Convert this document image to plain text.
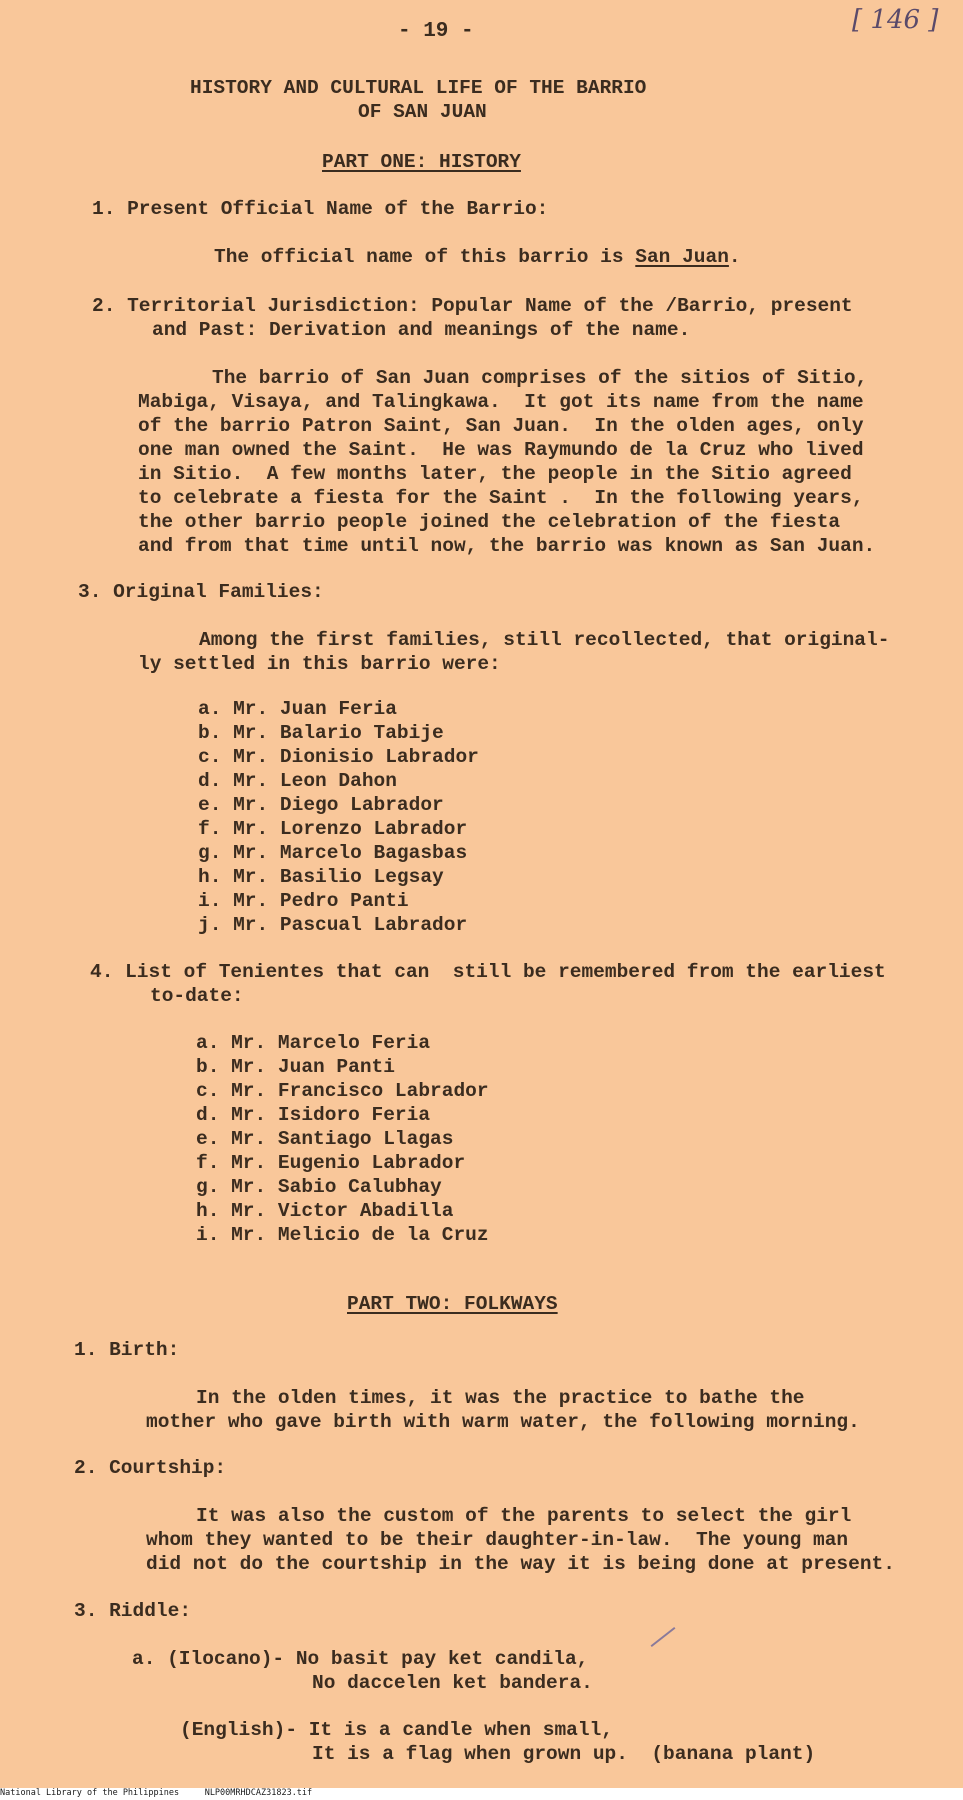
- 19 -	[ 146 ]
HISTORY AND CULTURAL LIFE OF THE BARRIO
OF SAN JUAN
PART ONE: HISTORY
1. Present Official Name of the Barrio:
The official name of this barrio is San Juan.
2. Territorial Jurisdiction: Popular Name of the /Barrio, present
and Past: Derivation and meanings of the name.
The barrio of San Juan comprises of the sitios of Sitio,
Mabiga, Visaya, and Talingkawa.  It got its name from the name
of the barrio Patron Saint, San Juan.  In the olden ages, only
one man owned the Saint.  He was Raymundo de la Cruz who lived
in Sitio.  A few months later, the people in the Sitio agreed
to celebrate a fiesta for the Saint .  In the following years,
the other barrio people joined the celebration of the fiesta
and from that time until now, the barrio was known as San Juan.
3. Original Families:
Among the first families, still recollected, that original-
ly settled in this barrio were:
a. Mr. Juan Feria
b. Mr. Balario Tabije
c. Mr. Dionisio Labrador
d. Mr. Leon Dahon
e. Mr. Diego Labrador
f. Mr. Lorenzo Labrador
g. Mr. Marcelo Bagasbas
h. Mr. Basilio Legsay
i. Mr. Pedro Panti
j. Mr. Pascual Labrador
4. List of Tenientes that can  still be remembered from the earliest
to-date:
a. Mr. Marcelo Feria
b. Mr. Juan Panti
c. Mr. Francisco Labrador
d. Mr. Isidoro Feria
e. Mr. Santiago Llagas
f. Mr. Eugenio Labrador
g. Mr. Sabio Calubhay
h. Mr. Victor Abadilla
i. Mr. Melicio de la Cruz
PART TWO: FOLKWAYS
1. Birth:
In the olden times, it was the practice to bathe the
mother who gave birth with warm water, the following morning.
2. Courtship:
It was also the custom of the parents to select the girl
whom they wanted to be their daughter-in-law.  The young man
did not do the courtship in the way it is being done at present.
3. Riddle:
a. (Ilocano)- No basit pay ket candila,
No daccelen ket bandera.
(English)- It is a candle when small,
It is a flag when grown up.  (banana plant)
National Library of the Philippines     NLP00MRHDCAZ31823.tif
